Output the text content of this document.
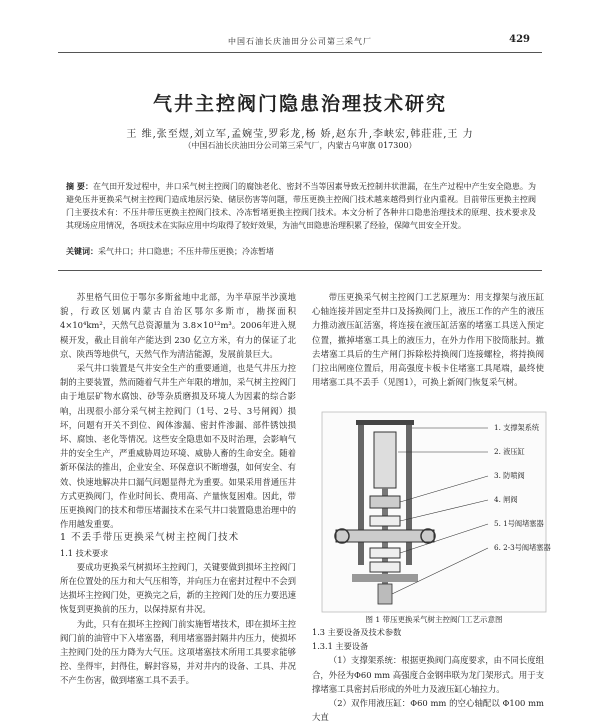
中国石油长庆油田分公司第三采气厂	429
气井主控阀门隐患治理技术研究
王 维,张至煜,刘立军,孟婉莹,罗彩龙,杨 娇,赵东升,李峡宏,韩莊莊,王 力
（中国石油长庆油田分公司第三采气厂，内蒙古乌审旗 017300）
摘 要：在气田开发过程中，井口采气树主控阀门的腐蚀老化、密封不当等因素导致无控制井状泄漏，在生产过程中产生安全隐患。为避免压井更换采气树主控阀门造成地层污染、储层伤害等问题，带压更换主控阀门技术越来越得到行业内重视。目前带压更换主控阀门主要技术有：不压井带压更换主控阀门技术、冷冻暂堵更换主控阀门技术。本文分析了各种井口隐患治理技术的原理、技术要求及其现场应用情况，各项技术在实际应用中均取得了较好效果，为油气田隐患治理积累了经验，保障气田安全开发。
关键词：采气井口；井口隐患；不压井带压更换；冷冻暂堵

苏里格气田位于鄂尔多斯盆地中北部，为半草原半沙漠地貌，行政区划属内蒙古自治区鄂尔多斯市，勘探面积 4×10⁴km²，天然气总资源量为 3.8×10¹²m³。2006年进入规模开发，截止目前年产能达到 230 亿立方米，有力的保证了北京、陕西等地供气，天然气作为清洁能源，发展前景巨大。

采气井口装置是气井安全生产的重要通道，也是气井压力控制的主要装置，然而随着气井生产年限的增加，采气树主控阀门由于地层矿物水腐蚀、砂等杂质磨损及环境人为因素的综合影响，出现很小部分采气树主控阀门（1号、2号、3号闸阀）损坏，问题有开关不到位、阀体渗漏、密封件渗漏、部件锈蚀损坏、腐蚀、老化等情况。这些安全隐患如不及时治理，会影响气井的安全生产，严重威胁周边环境、威胁人畜的生命安全。随着新环保法的推出，企业安全、环保意识不断增强，如何安全、有效、快速地解决井口漏气问题显得尤为重要。如果采用普通压井方式更换阀门，作业时间长、费用高、产量恢复困难。因此，带压更换阀门的技术和带压堵漏技术在采气井口装置隐患治理中的作用越发重要。

1 不丢手带压更换采气树主控阀门技术

1.1 技术要求

要成功更换采气树损坏主控阀门，关键要做到损坏主控阀门所在位置处的压力和大气压相等，并向压力在密封过程中不会到达损坏主控阀门处，更换完之后，新的主控阀门处的压力要迅速恢复到更换前的压力，以保持原有井况。

为此，只有在损坏主控阀门前实施暂堵技术，即在损坏主控阀门前的油管中下入堵塞器，利用堵塞器封隔井内压力，使损坏主控阀门处的压力降为大气压。这项堵塞技术所用工具要求能够控、坐得牢，封得住，解封容易，并对井内的设备、工具、井况不产生伤害，做到堵塞工具不丢手。

带压更换采气树主控阀门工艺原理为：用支撑架与液压缸心轴连接并固定至井口及扬换阀门上，液压工作的产生的液压力推动液压缸活塞，将连接在液压缸活塞的堵塞工具送入预定位置，撤掉堵塞工具上的液压力，在外力作用下胶筒胀封。撤去堵塞工具后的生产闸门拆除松持换阀门连接螺栓，将持换阀门拉出闸座位置后，用高强度卡板卡住堵塞工具尾端，最终使用堵塞工具不丢手（见图1），可换上新阀门恢复采气树。

1. 支撑架系统
2. 液压缸
3. 防喷阀
4. 闸阀
5. 1号阀堵塞器
6. 2-3号阀堵塞器
图 1 带压更换采气树主控阀门工艺示意图

1.3 主要设备及技术参数

1.3.1 主要设备

（1）支撑架系统：根据更换阀门高度要求，由不同长度组合，外径为Φ60 mm 高强度合金钢串联为龙门架形式。用于支撑堵塞工具密封后形成的外吐力及液压缸心轴拉力。

（2）双作用液压缸：Φ60 mm 的空心轴配以 Φ100 mm 大直
